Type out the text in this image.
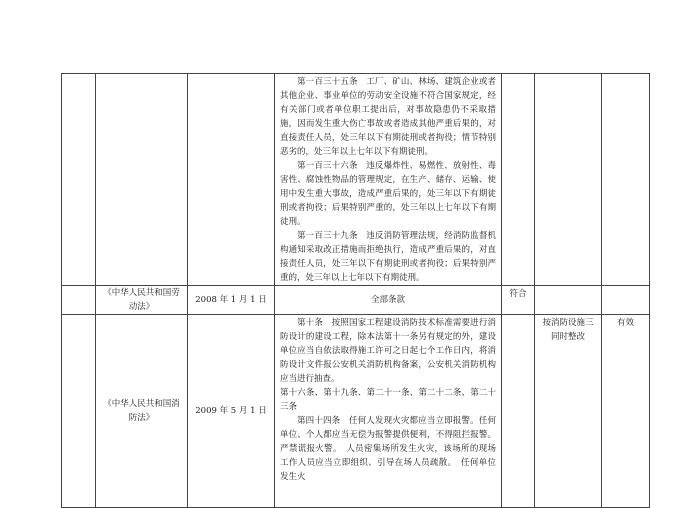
			第一百三十五条　工厂、矿山、林场、建筑企业或者其他企业、事业单位的劳动安全设施不符合国家规定，经有关部门或者单位职工提出后，对事故隐患仍不采取措施，因而发生重大伤亡事故或者造成其他严重后果的，对直接责任人员，处三年以下有期徒刑或者拘役；情节特别恶劣的，处三年以上七年以下有期徒刑。

第一百三十六条　违反爆炸性、易燃性、放射性、毒害性、腐蚀性物品的管理规定，在生产、储存、运输、使用中发生重大事故，造成严重后果的，处三年以下有期徒刑或者拘役；后果特别严重的，处三年以上七年以下有期徒刑。

第一百三十九条　违反消防管理法规，经消防监督机构通知采取改正措施而拒绝执行，造成严重后果的，对直接责任人员，处三年以下有期徒刑或者拘役；后果特别严重的，处三年以上七年以下有期徒刑。			

	《中华人民共和国劳动法》	2008 年 1 月 1 日	全部条款	符合		

	《中华人民共和国消防法》	2009 年 5 月 1 日	第十条　按照国家工程建设消防技术标准需要进行消防设计的建设工程，除本法第十一条另有规定的外，建设单位应当自依法取得施工许可之日起七个工作日内，将消防设计文件报公安机关消防机构备案，公安机关消防机构应当进行抽查。

第十六条、第十九条、第二十一条、第二十二条、第二十三条

第四十四条　任何人发现火灾都应当立即报警。任何单位、个人都应当无偿为报警提供便利，不得阻拦报警。严禁谎报火警。　人员密集场所发生火灾，该场所的现场工作人员应当立即组织、引导在场人员疏散。　任何单位发生火		按消防设施三同时整改	有效
